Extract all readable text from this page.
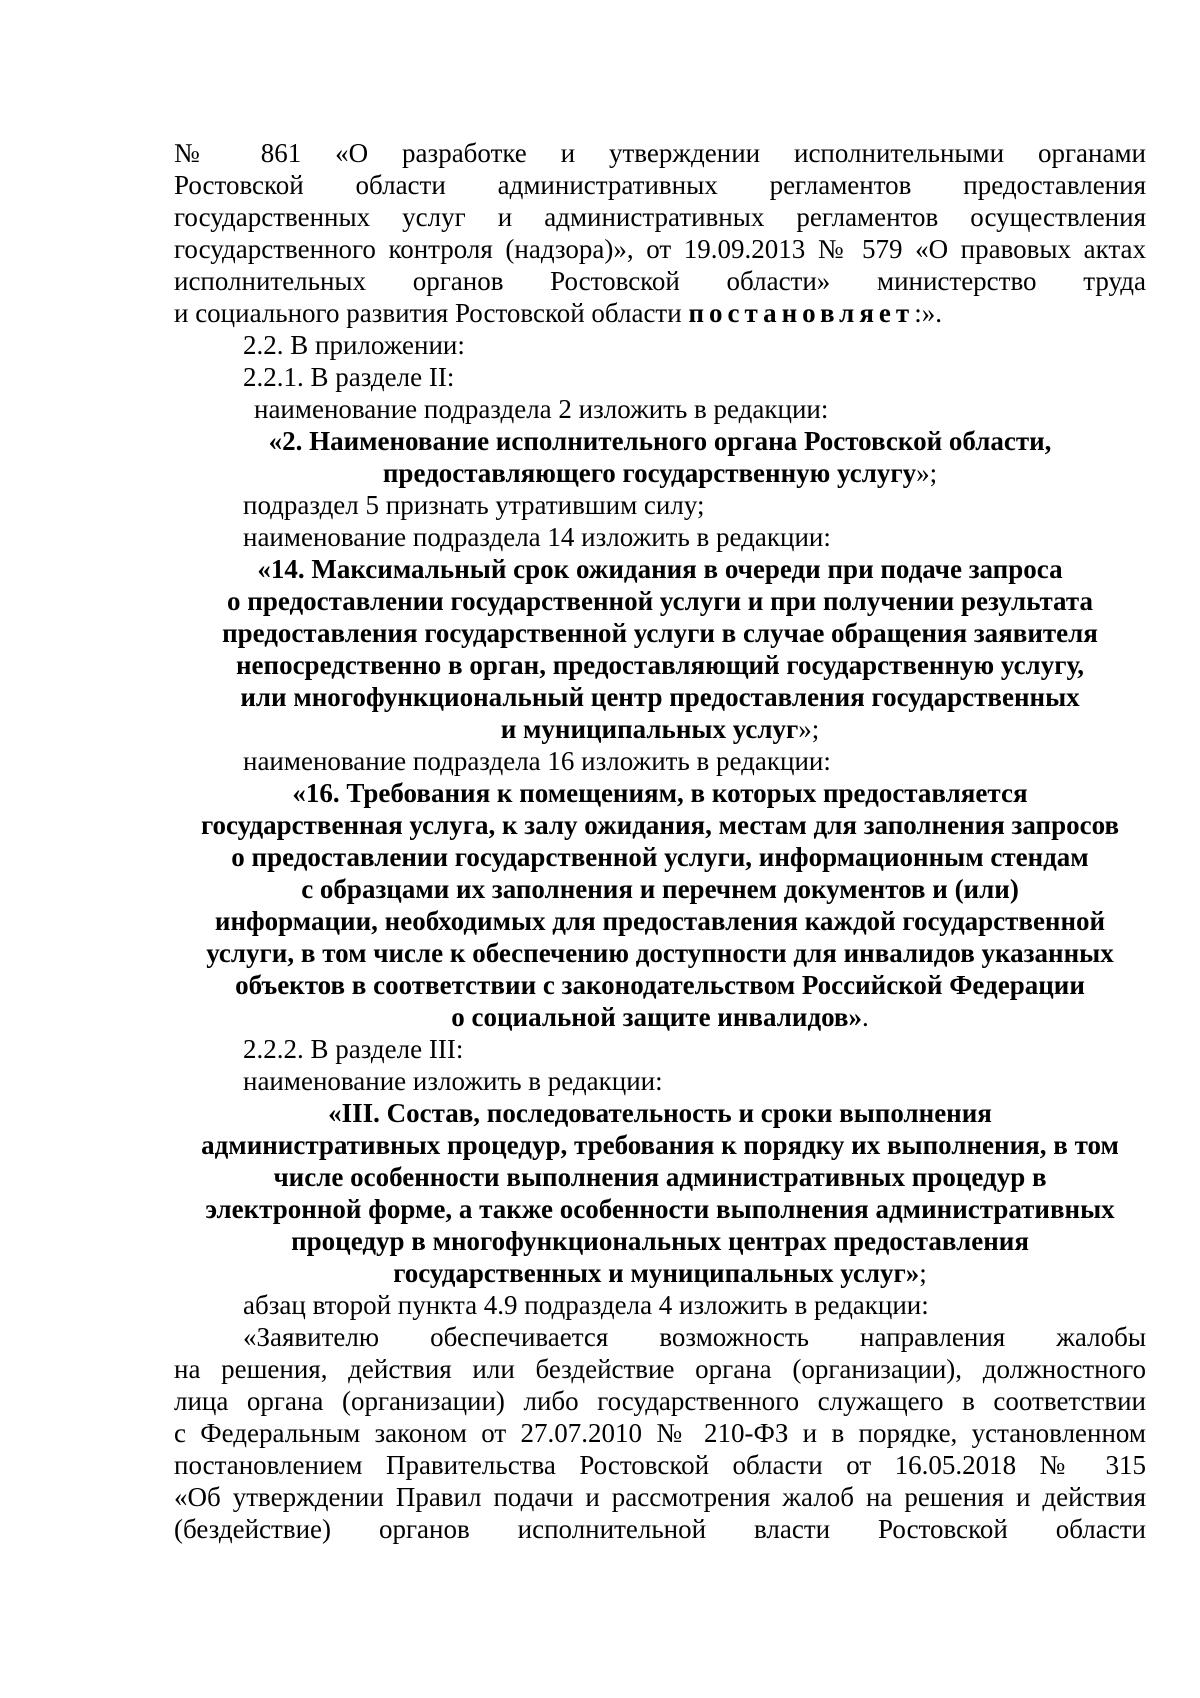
№ 861 «О разработке и утверждении исполнительными органами
Ростовской области административных регламентов предоставления
государственных услуг и административных регламентов осуществления
государственного контроля (надзора)», от 19.09.2013 № 579 «О правовых актах
исполнительных органов Ростовской области» министерство труда
и социального развития Ростовской области постановляет:».
2.2. В приложении:
2.2.1. В разделе II:
наименование подраздела 2 изложить в редакции:
«2. Наименование исполнительного органа Ростовской области,
предоставляющего государственную услугу»;
подраздел 5 признать утратившим силу;
наименование подраздела 14 изложить в редакции:
«14. Максимальный срок ожидания в очереди при подаче запроса
о предоставлении государственной услуги и при получении результата
предоставления государственной услуги в случае обращения заявителя
непосредственно в орган, предоставляющий государственную услугу,
или многофункциональный центр предоставления государственных
и муниципальных услуг»;
наименование подраздела 16 изложить в редакции:
«16. Требования к помещениям, в которых предоставляется
государственная услуга, к залу ожидания, местам для заполнения запросов
о предоставлении государственной услуги, информационным стендам
с образцами их заполнения и перечнем документов и (или)
информации, необходимых для предоставления каждой государственной
услуги, в том числе к обеспечению доступности для инвалидов указанных
объектов в соответствии с законодательством Российской Федерации
о социальной защите инвалидов».
2.2.2. В разделе III:
наименование изложить в редакции:
«III. Состав, последовательность и сроки выполнения
административных процедур, требования к порядку их выполнения, в том
числе особенности выполнения административных процедур в
электронной форме, а также особенности выполнения административных
процедур в многофункциональных центрах предоставления
государственных и муниципальных услуг»;
абзац второй пункта 4.9 подраздела 4 изложить в редакции:
«Заявителю обеспечивается возможность направления жалобы
на решения, действия или бездействие органа (организации), должностного
лица органа (организации) либо государственного служащего в соответствии
с Федеральным законом от 27.07.2010 № 210-ФЗ и в порядке, установленном
постановлением Правительства Ростовской области от 16.05.2018 № 315
«Об утверждении Правил подачи и рассмотрения жалоб на решения и действия
(бездействие) органов исполнительной власти Ростовской области
